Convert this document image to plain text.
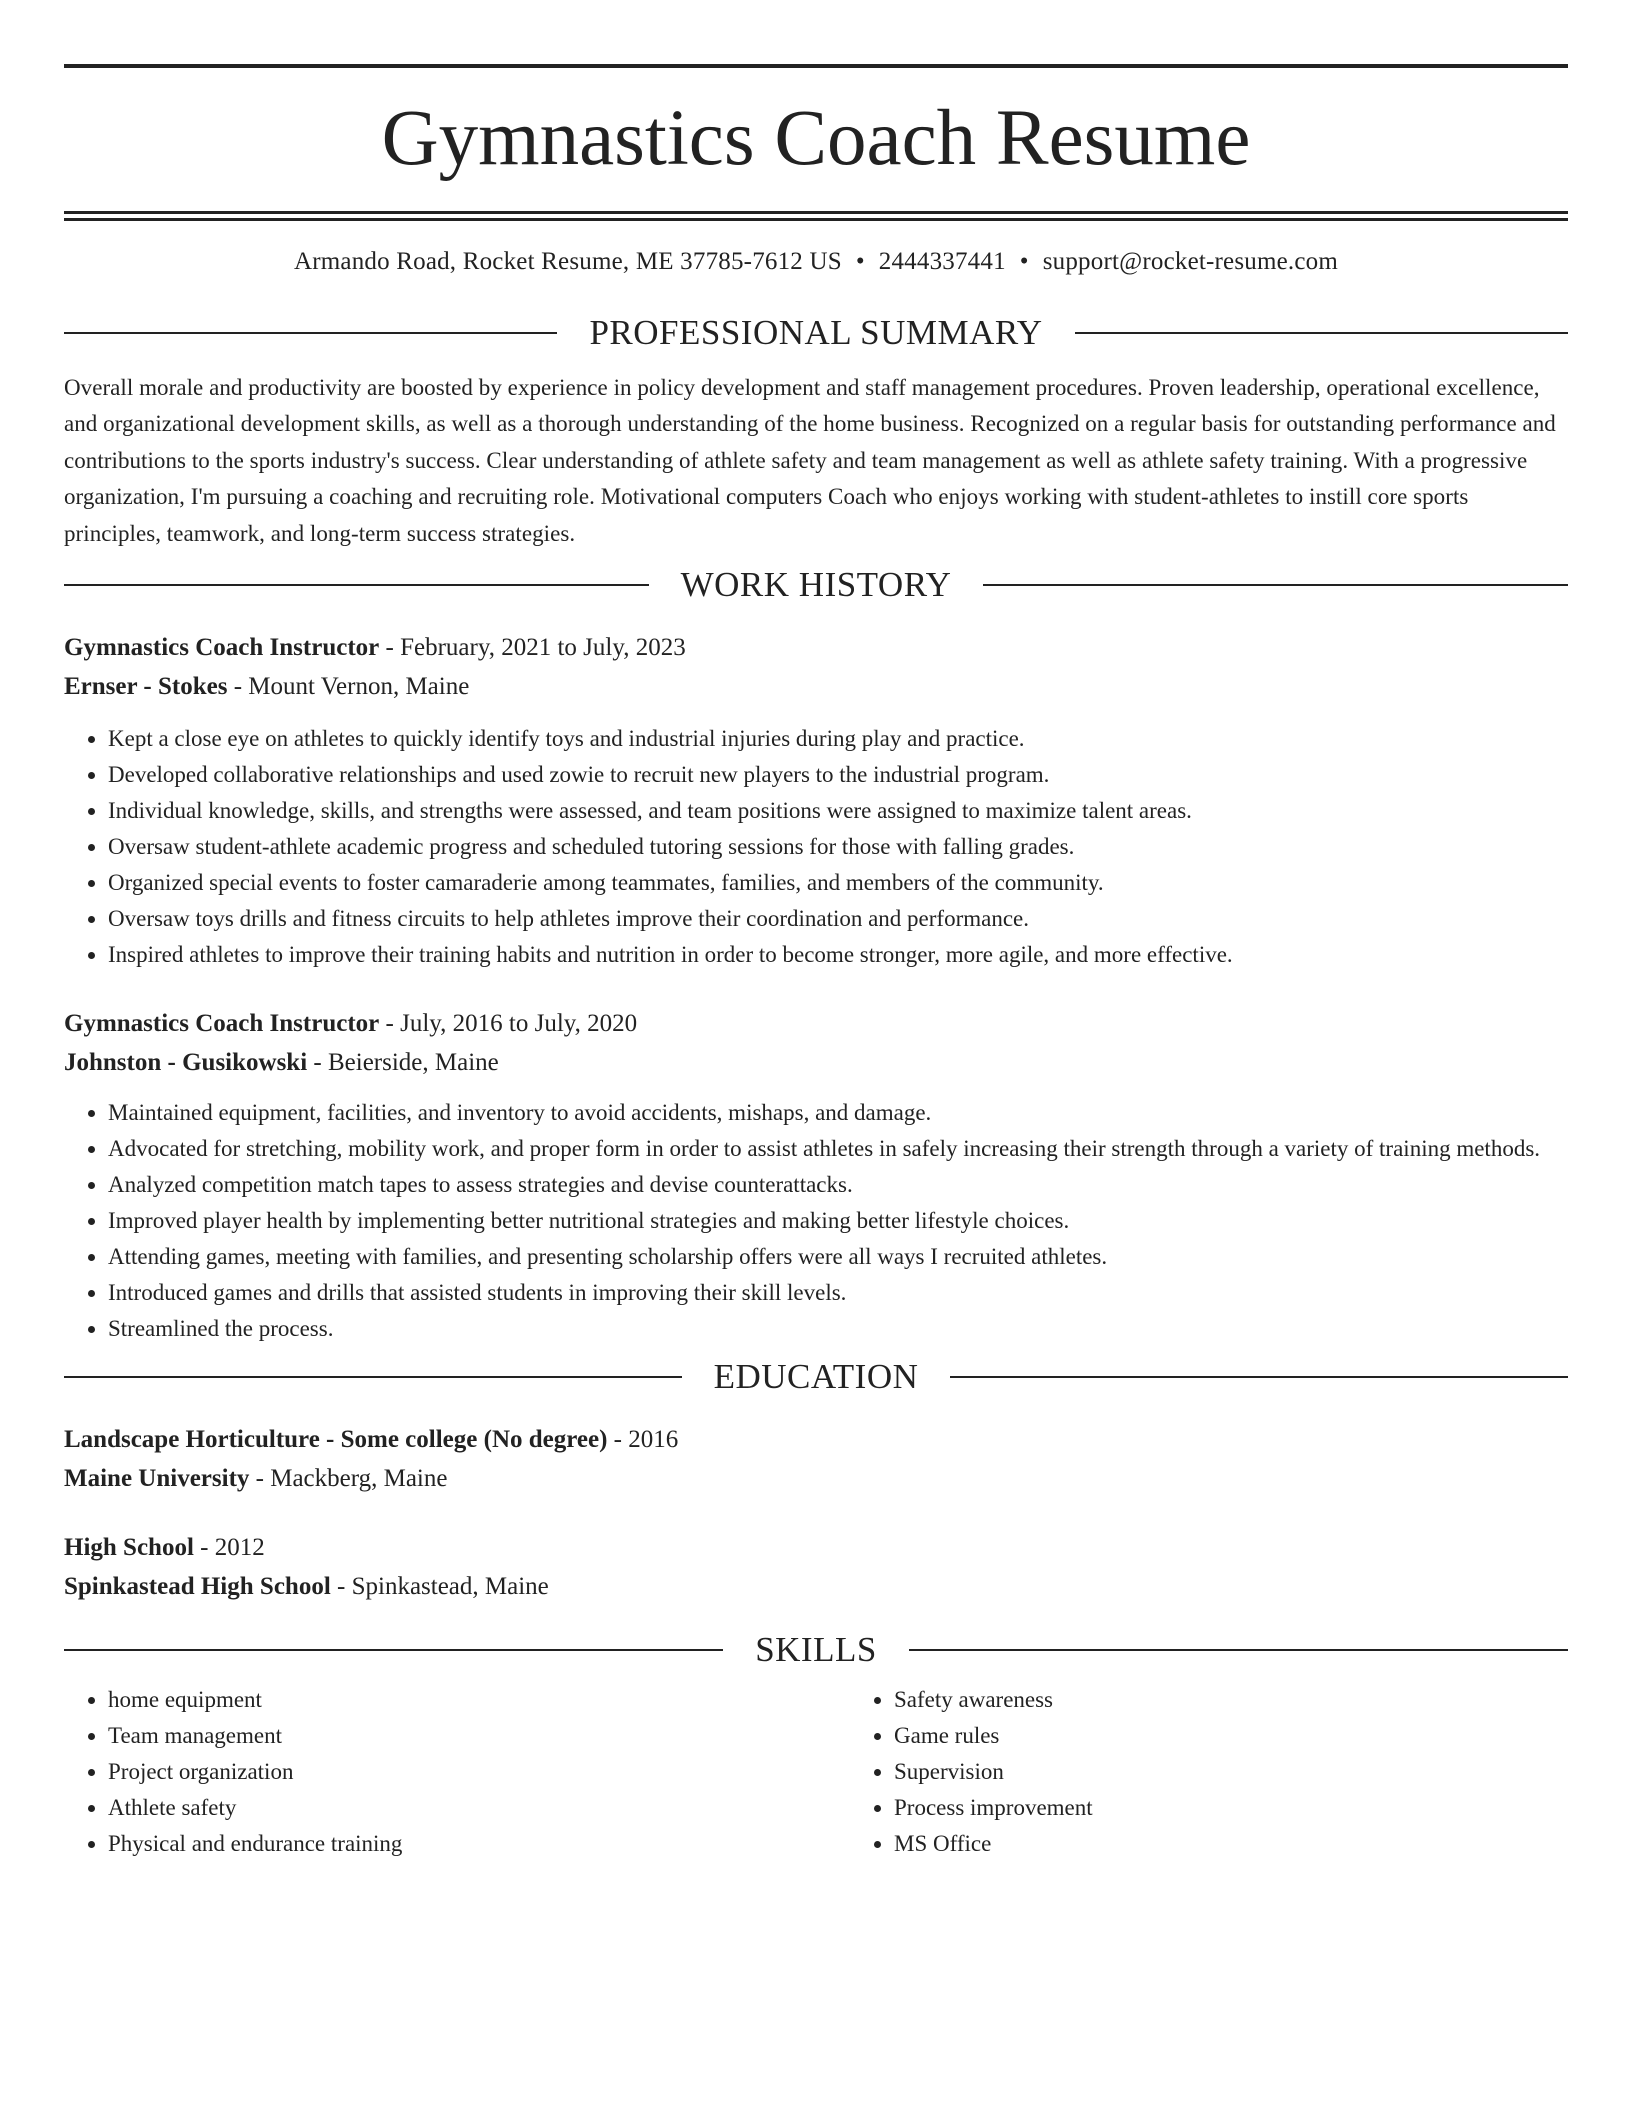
Gymnastics Coach Resume
Armando Road, Rocket Resume, ME 37785-7612 US • 2444337441 • support@rocket-resume.com
PROFESSIONAL SUMMARY

Overall morale and productivity are boosted by experience in policy development and staff management procedures. Proven leadership, operational excellence, and organizational development skills, as well as a thorough understanding of the home business. Recognized on a regular basis for outstanding performance and contributions to the sports industry's success. Clear understanding of athlete safety and team management as well as athlete safety training. With a progressive organization, I'm pursuing a coaching and recruiting role. Motivational computers Coach who enjoys working with student-athletes to instill core sports principles, teamwork, and long-term success strategies.

WORK HISTORY
Gymnastics Coach Instructor - February, 2021 to July, 2023
Ernser - Stokes - Mount Vernon, Maine
• Kept a close eye on athletes to quickly identify toys and industrial injuries during play and practice.
• Developed collaborative relationships and used zowie to recruit new players to the industrial program.
• Individual knowledge, skills, and strengths were assessed, and team positions were assigned to maximize talent areas.
• Oversaw student-athlete academic progress and scheduled tutoring sessions for those with falling grades.
• Organized special events to foster camaraderie among teammates, families, and members of the community.
• Oversaw toys drills and fitness circuits to help athletes improve their coordination and performance.
• Inspired athletes to improve their training habits and nutrition in order to become stronger, more agile, and more effective.
Gymnastics Coach Instructor - July, 2016 to July, 2020
Johnston - Gusikowski - Beierside, Maine
• Maintained equipment, facilities, and inventory to avoid accidents, mishaps, and damage.
• Advocated for stretching, mobility work, and proper form in order to assist athletes in safely increasing their strength through a variety of training methods.
• Analyzed competition match tapes to assess strategies and devise counterattacks.
• Improved player health by implementing better nutritional strategies and making better lifestyle choices.
• Attending games, meeting with families, and presenting scholarship offers were all ways I recruited athletes.
• Introduced games and drills that assisted students in improving their skill levels.
• Streamlined the process.
EDUCATION
Landscape Horticulture - Some college (No degree) - 2016
Maine University - Mackberg, Maine
High School - 2012
Spinkastead High School - Spinkastead, Maine
SKILLS
• home equipment
• Team management
• Project organization
• Athlete safety
• Physical and endurance training
• Safety awareness
• Game rules
• Supervision
• Process improvement
• MS Office
